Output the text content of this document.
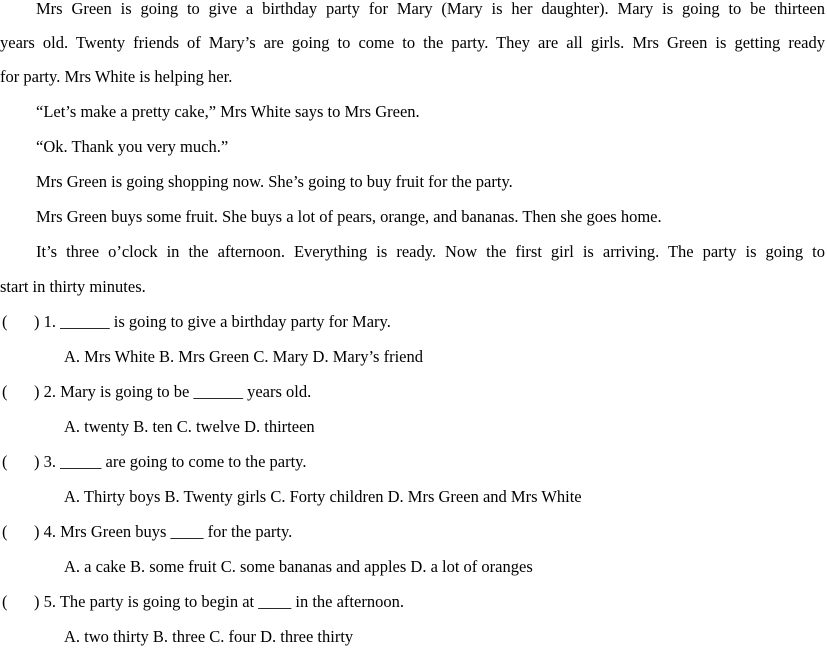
Mrs Green is going to give a birthday party for Mary (Mary is her daughter). Mary is going to be thirteen
years old. Twenty friends of Mary’s are going to come to the party. They are all girls. Mrs Green is getting ready
for party. Mrs White is helping her.
“Let’s make a pretty cake,” Mrs White says to Mrs Green.
“Ok. Thank you very much.”
Mrs Green is going shopping now. She’s going to buy fruit for the party.
Mrs Green buys some fruit. She buys a lot of pears, orange, and bananas. Then she goes home.
It’s three o’clock in the afternoon. Everything is ready. Now the first girl is arriving. The party is going to
start in thirty minutes.
( ) 1. ______ is going to give a birthday party for Mary.
A. Mrs White B. Mrs Green C. Mary D. Mary’s friend
( ) 2. Mary is going to be ______ years old.
A. twenty B. ten C. twelve D. thirteen
( ) 3. _____ are going to come to the party.
A. Thirty boys B. Twenty girls C. Forty children D. Mrs Green and Mrs White
( ) 4. Mrs Green buys ____ for the party.
A. a cake B. some fruit C. some bananas and apples D. a lot of oranges
( ) 5. The party is going to begin at ____ in the afternoon.
A. two thirty B. three C. four D. three thirty
